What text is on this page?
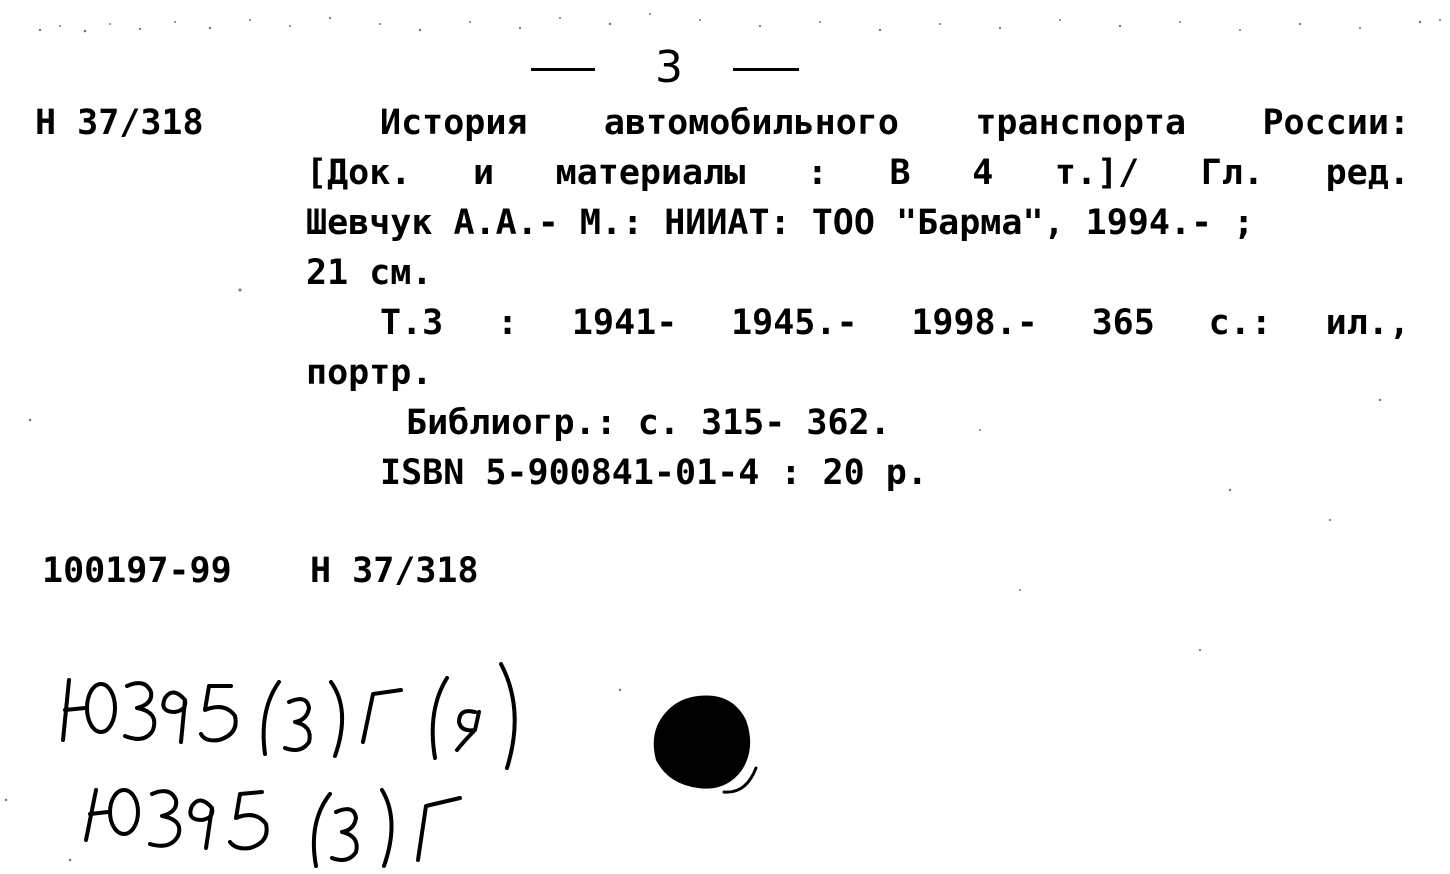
3
Н 37/318	История автомобильного транспорта России:
[Док. и материалы : В 4 т.]/ Гл. ред.
Шевчук А.А.- М.: НИИАТ: ТОО "Барма", 1994.- ;
21 см.
Т.3 : 1941- 1945.- 1998.- 365 с.: ил.,
портр.
Библиогр.: с. 315- 362.
ISBN 5-900841-01-4 : 20 р.
100197-99 Н 37/318
